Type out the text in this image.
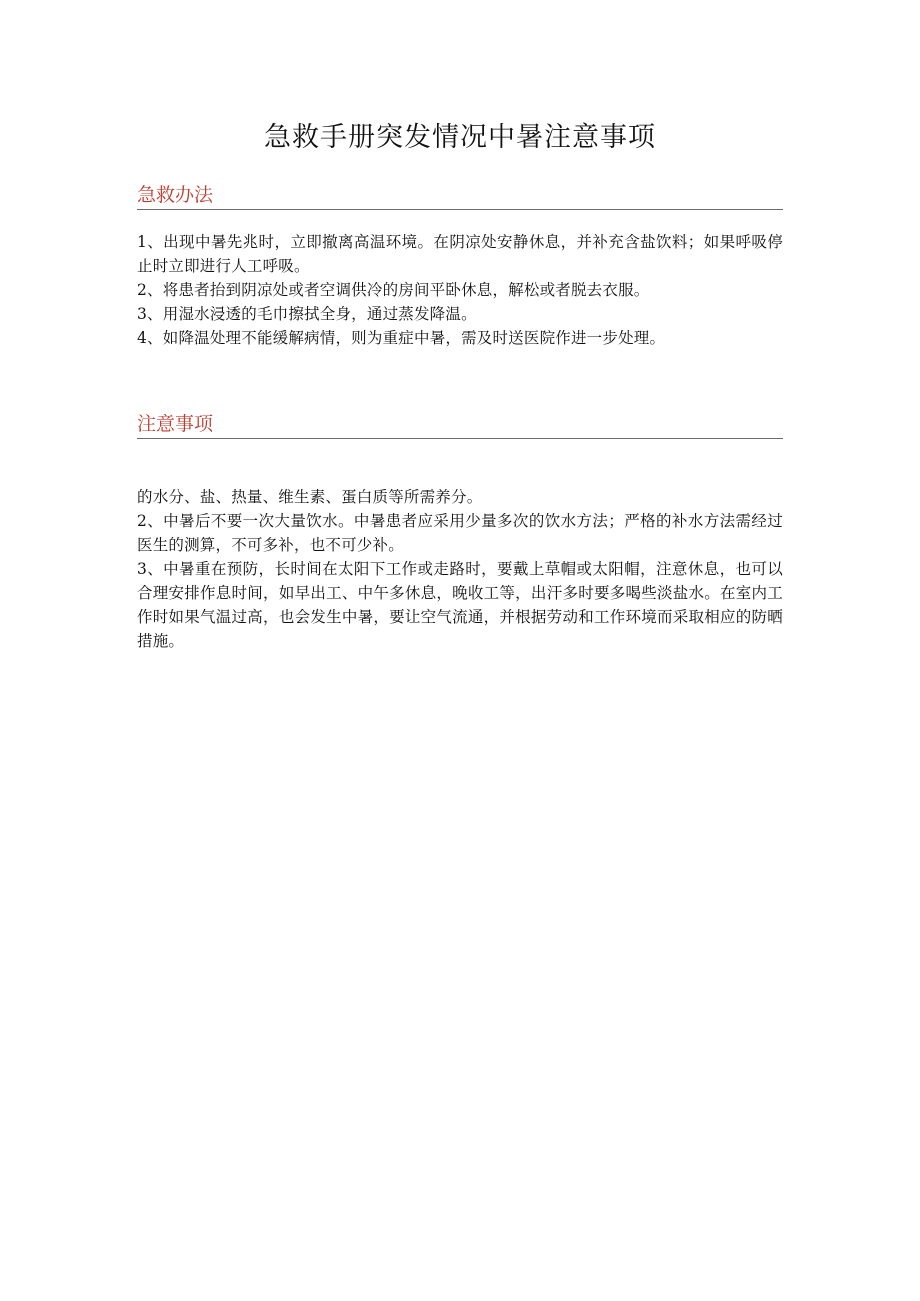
急救手册突发情况中暑注意事项
急救办法

1、出现中暑先兆时，立即撤离高温环境。在阴凉处安静休息，并补充含盐饮料；如果呼吸停止时立即进行人工呼吸。

2、将患者抬到阴凉处或者空调供冷的房间平卧休息，解松或者脱去衣服。

3、用湿水浸透的毛巾擦拭全身，通过蒸发降温。

4、如降温处理不能缓解病情，则为重症中暑，需及时送医院作进一步处理。

注意事项

的水分、盐、热量、维生素、蛋白质等所需养分。

2、中暑后不要一次大量饮水。中暑患者应采用少量多次的饮水方法；严格的补水方法需经过医生的测算，不可多补，也不可少补。

3、中暑重在预防，长时间在太阳下工作或走路时，要戴上草帽或太阳帽，注意休息，也可以合理安排作息时间，如早出工、中午多休息，晚收工等，出汗多时要多喝些淡盐水。在室内工作时如果气温过高，也会发生中暑，要让空气流通，并根据劳动和工作环境而采取相应的防晒措施。
